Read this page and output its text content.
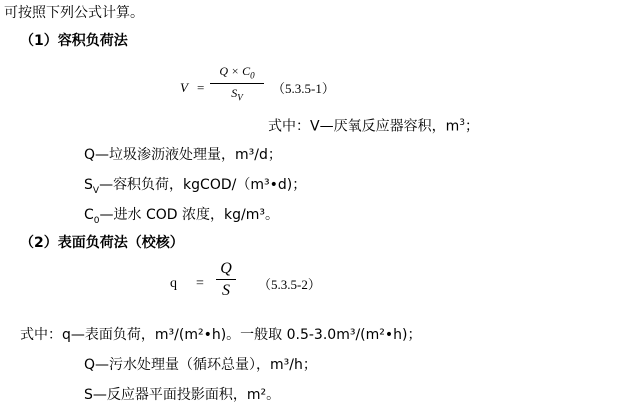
可按照下列公式计算。
（1）容积负荷法
V =
$Q \times C_0$
$S_V$
（5.3.5-1）
式中：V—厌氧反应器容积，$m^3$；
Q—垃圾渗沥液处理量，m³/d；
$S_V—$容积负荷，kgCOD/（m³•d)；
$C_0—$进水 COD 浓度，kg/m³。
（2）表面负荷法（校核）
q =
Q
S	（5.3.5-2）
式中：q—表面负荷，m³/(m²•h)。一般取 0.5-3.0m³/(m²•h)；
Q—污水处理量（循环总量），m³/h；
S—反应器平面投影面积，m²。
